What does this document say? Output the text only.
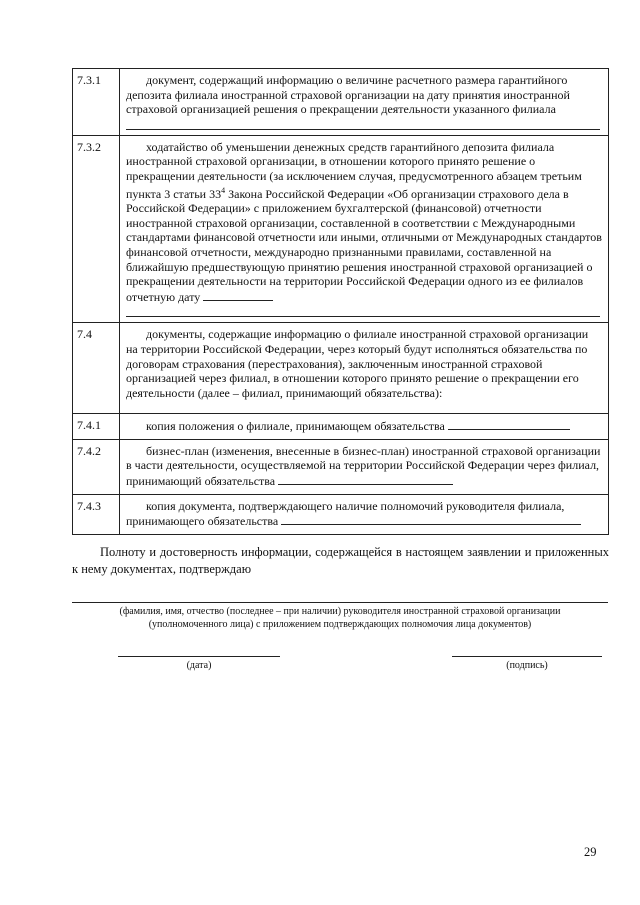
7.3.1	документ, содержащий информацию о величине расчетного размера гарантийного депозита филиала иностранной страховой организации на дату принятия иностранной страховой организацией решения о прекращении деятельности указанного филиала

7.3.2	ходатайство об уменьшении денежных средств гарантийного депозита филиала иностранной страховой организации, в отношении которого принято решение о прекращении деятельности (за исключением случая, предусмотренного абзацем третьим пункта 3 статьи $33^4$ Закона Российской Федерации «Об организации страхового дела в Российской Федерации» с приложением бухгалтерской (финансовой) отчетности иностранной страховой организации, составленной в соответствии с Международными стандартами финансовой отчетности или иными, отличными от Международных стандартов финансовой отчетности, международно признанными правилами, составленной на ближайшую предшествующую принятию решения иностранной страховой организацией о прекращении деятельности на территории Российской Федерации одного из ее филиалов отчетную дату

7.4	документы, содержащие информацию о филиале иностранной страховой организации на территории Российской Федерации, через который будут исполняться обязательства по договорам страхования (перестрахования), заключенным иностранной страховой организацией через филиал, в отношении которого принято решение о прекращении его деятельности (далее – филиал, принимающий обязательства):

7.4.1	копия положения о филиале, принимающем обязательства

7.4.2	бизнес-план (изменения, внесенные в бизнес-план) иностранной страховой организации в части деятельности, осуществляемой на территории Российской Федерации через филиал, принимающий обязательства

7.4.3	копия документа, подтверждающего наличие полномочий руководителя филиала, принимающего обязательства
Полноту и достоверность информации, содержащейся в настоящем заявлении и приложенных к нему документах, подтверждаю
(фамилия, имя, отчество (последнее – при наличии) руководителя иностранной страховой организации (уполномоченного лица) с приложением подтверждающих полномочия лица документов)
(дата)	(подпись)
29
